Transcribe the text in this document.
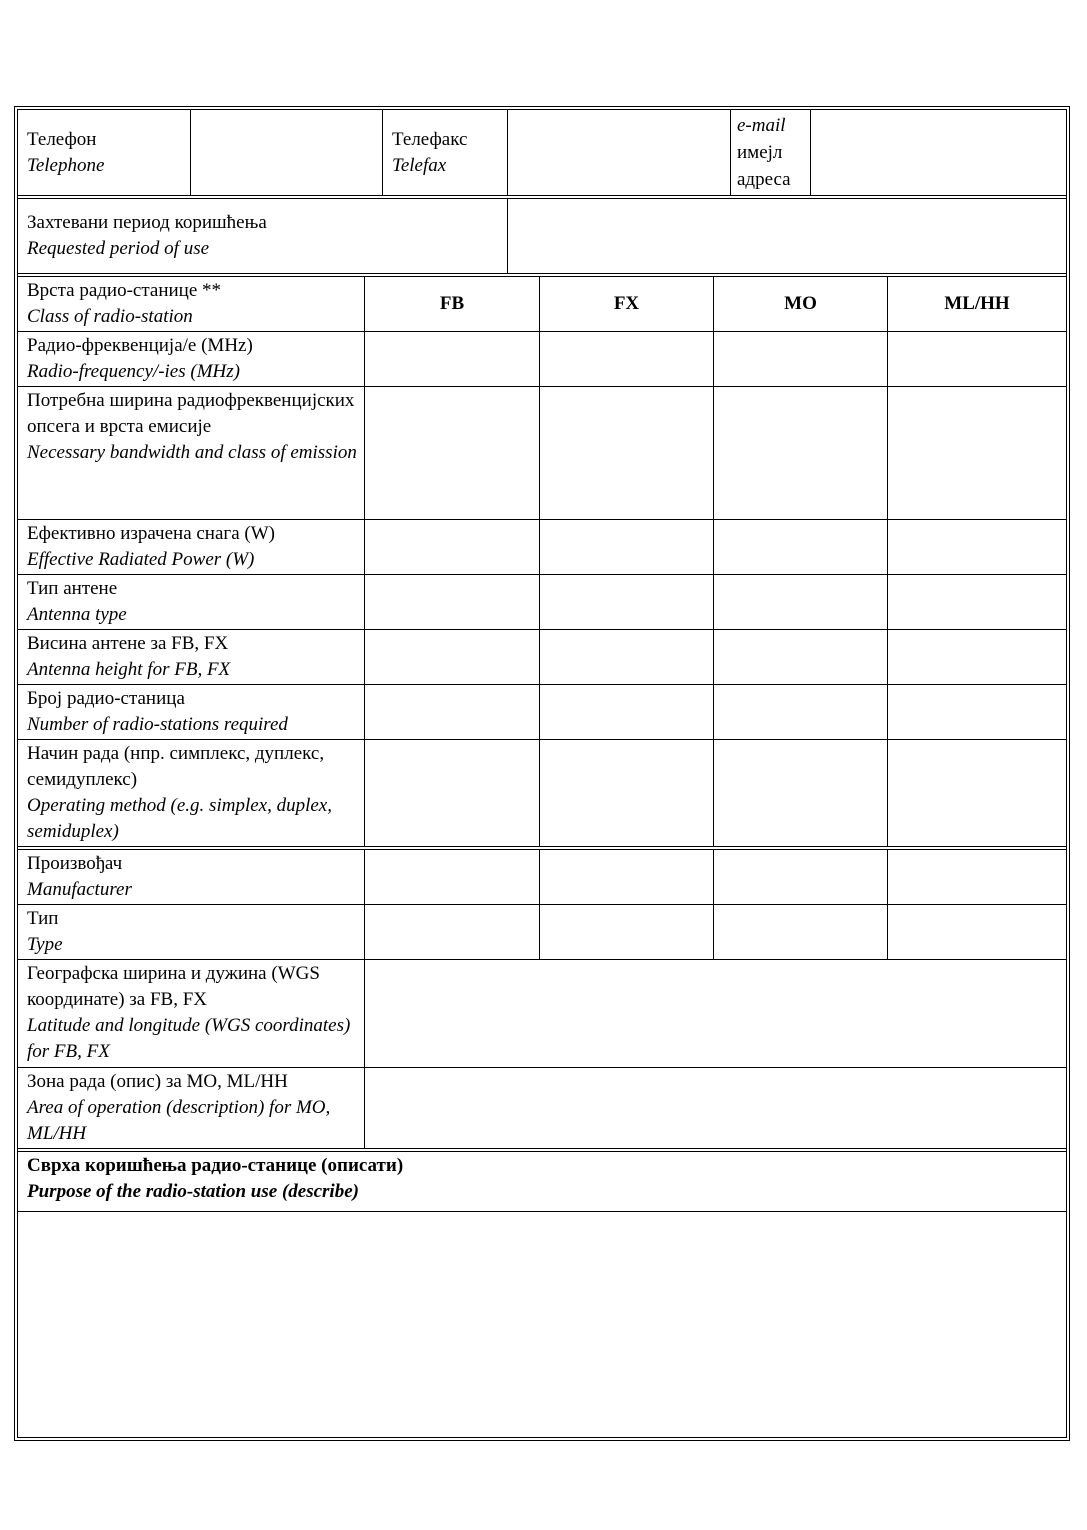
Телефон
Telephone
Телефакс
Telefax
e-mail
имејл
адреса
Захтевани период коришћења
Requested period of use
Врста радио-станице **
Class of radio-station
FB	FX	MO	ML/HH
Радио-фреквенција/е (MHz)
Radio-frequency/-ies (MHz)
Потребна ширина радиофреквенцијских опсега и врста емисије
Necessary bandwidth and class of emission
Ефективно израчена снага (W)
Effective Radiated Power (W)
Тип антене
Antenna type
Висина антене за FB, FX
Antenna height for FB, FX
Број радио-станица
Number of radio-stations required
Начин рада (нпр. симплекс, дуплекс, семидуплекс)
Operating method (e.g. simplex, duplex, semiduplex)
Произвођач
Manufacturer
Тип
Type
Географска ширина и дужина (WGS координате) за FB, FX
Latitude and longitude (WGS coordinates) for FB, FX
Зона рада (опис) за MO, ML/HH
Area of operation (description) for MO, ML/HH
Сврха коришћења радио-станице (описати)
Purpose of the radio-station use (describe)
